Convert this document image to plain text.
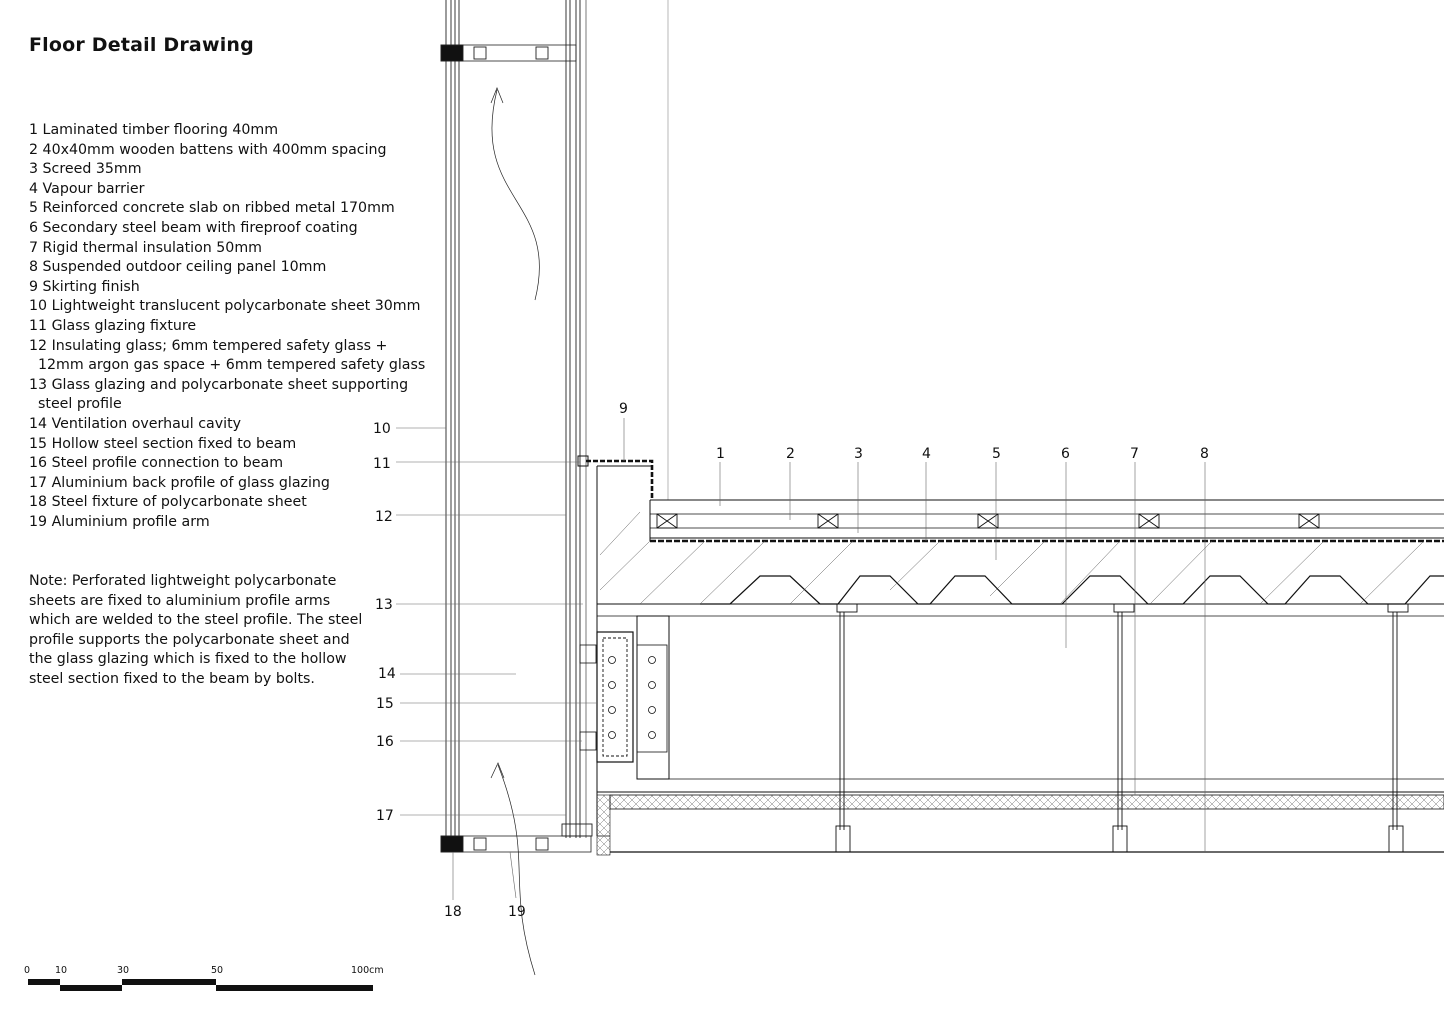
Floor Detail Drawing
1 Laminated timber flooring 40mm
2 40x40mm wooden battens with 400mm spacing
3 Screed 35mm
4 Vapour barrier
5 Reinforced concrete slab on ribbed metal 170mm
6 Secondary steel beam with fireproof coating
7 Rigid thermal insulation 50mm
8 Suspended outdoor ceiling panel 10mm
9 Skirting finish
10 Lightweight translucent polycarbonate sheet 30mm
11 Glass glazing fixture
12 Insulating glass; 6mm tempered safety glass +
12mm argon gas space + 6mm tempered safety glass
13 Glass glazing and polycarbonate sheet supporting
steel profile
14 Ventilation overhaul cavity
15 Hollow steel section fixed to beam
16 Steel profile connection to beam
17 Aluminium back profile of glass glazing
18 Steel fixture of polycarbonate sheet
19 Aluminium profile arm

Note: Perforated lightweight polycarbonate sheets are fixed to aluminium profile arms which are welded to the steel profile. The steel profile supports the polycarbonate sheet and the glass glazing which is fixed to the hollow steel section fixed to the beam by bolts.

10
11
12
13
14
15
16
17
9
1	2	3	4	5	6	7	8
18	19
0	10	30	50	100cm
